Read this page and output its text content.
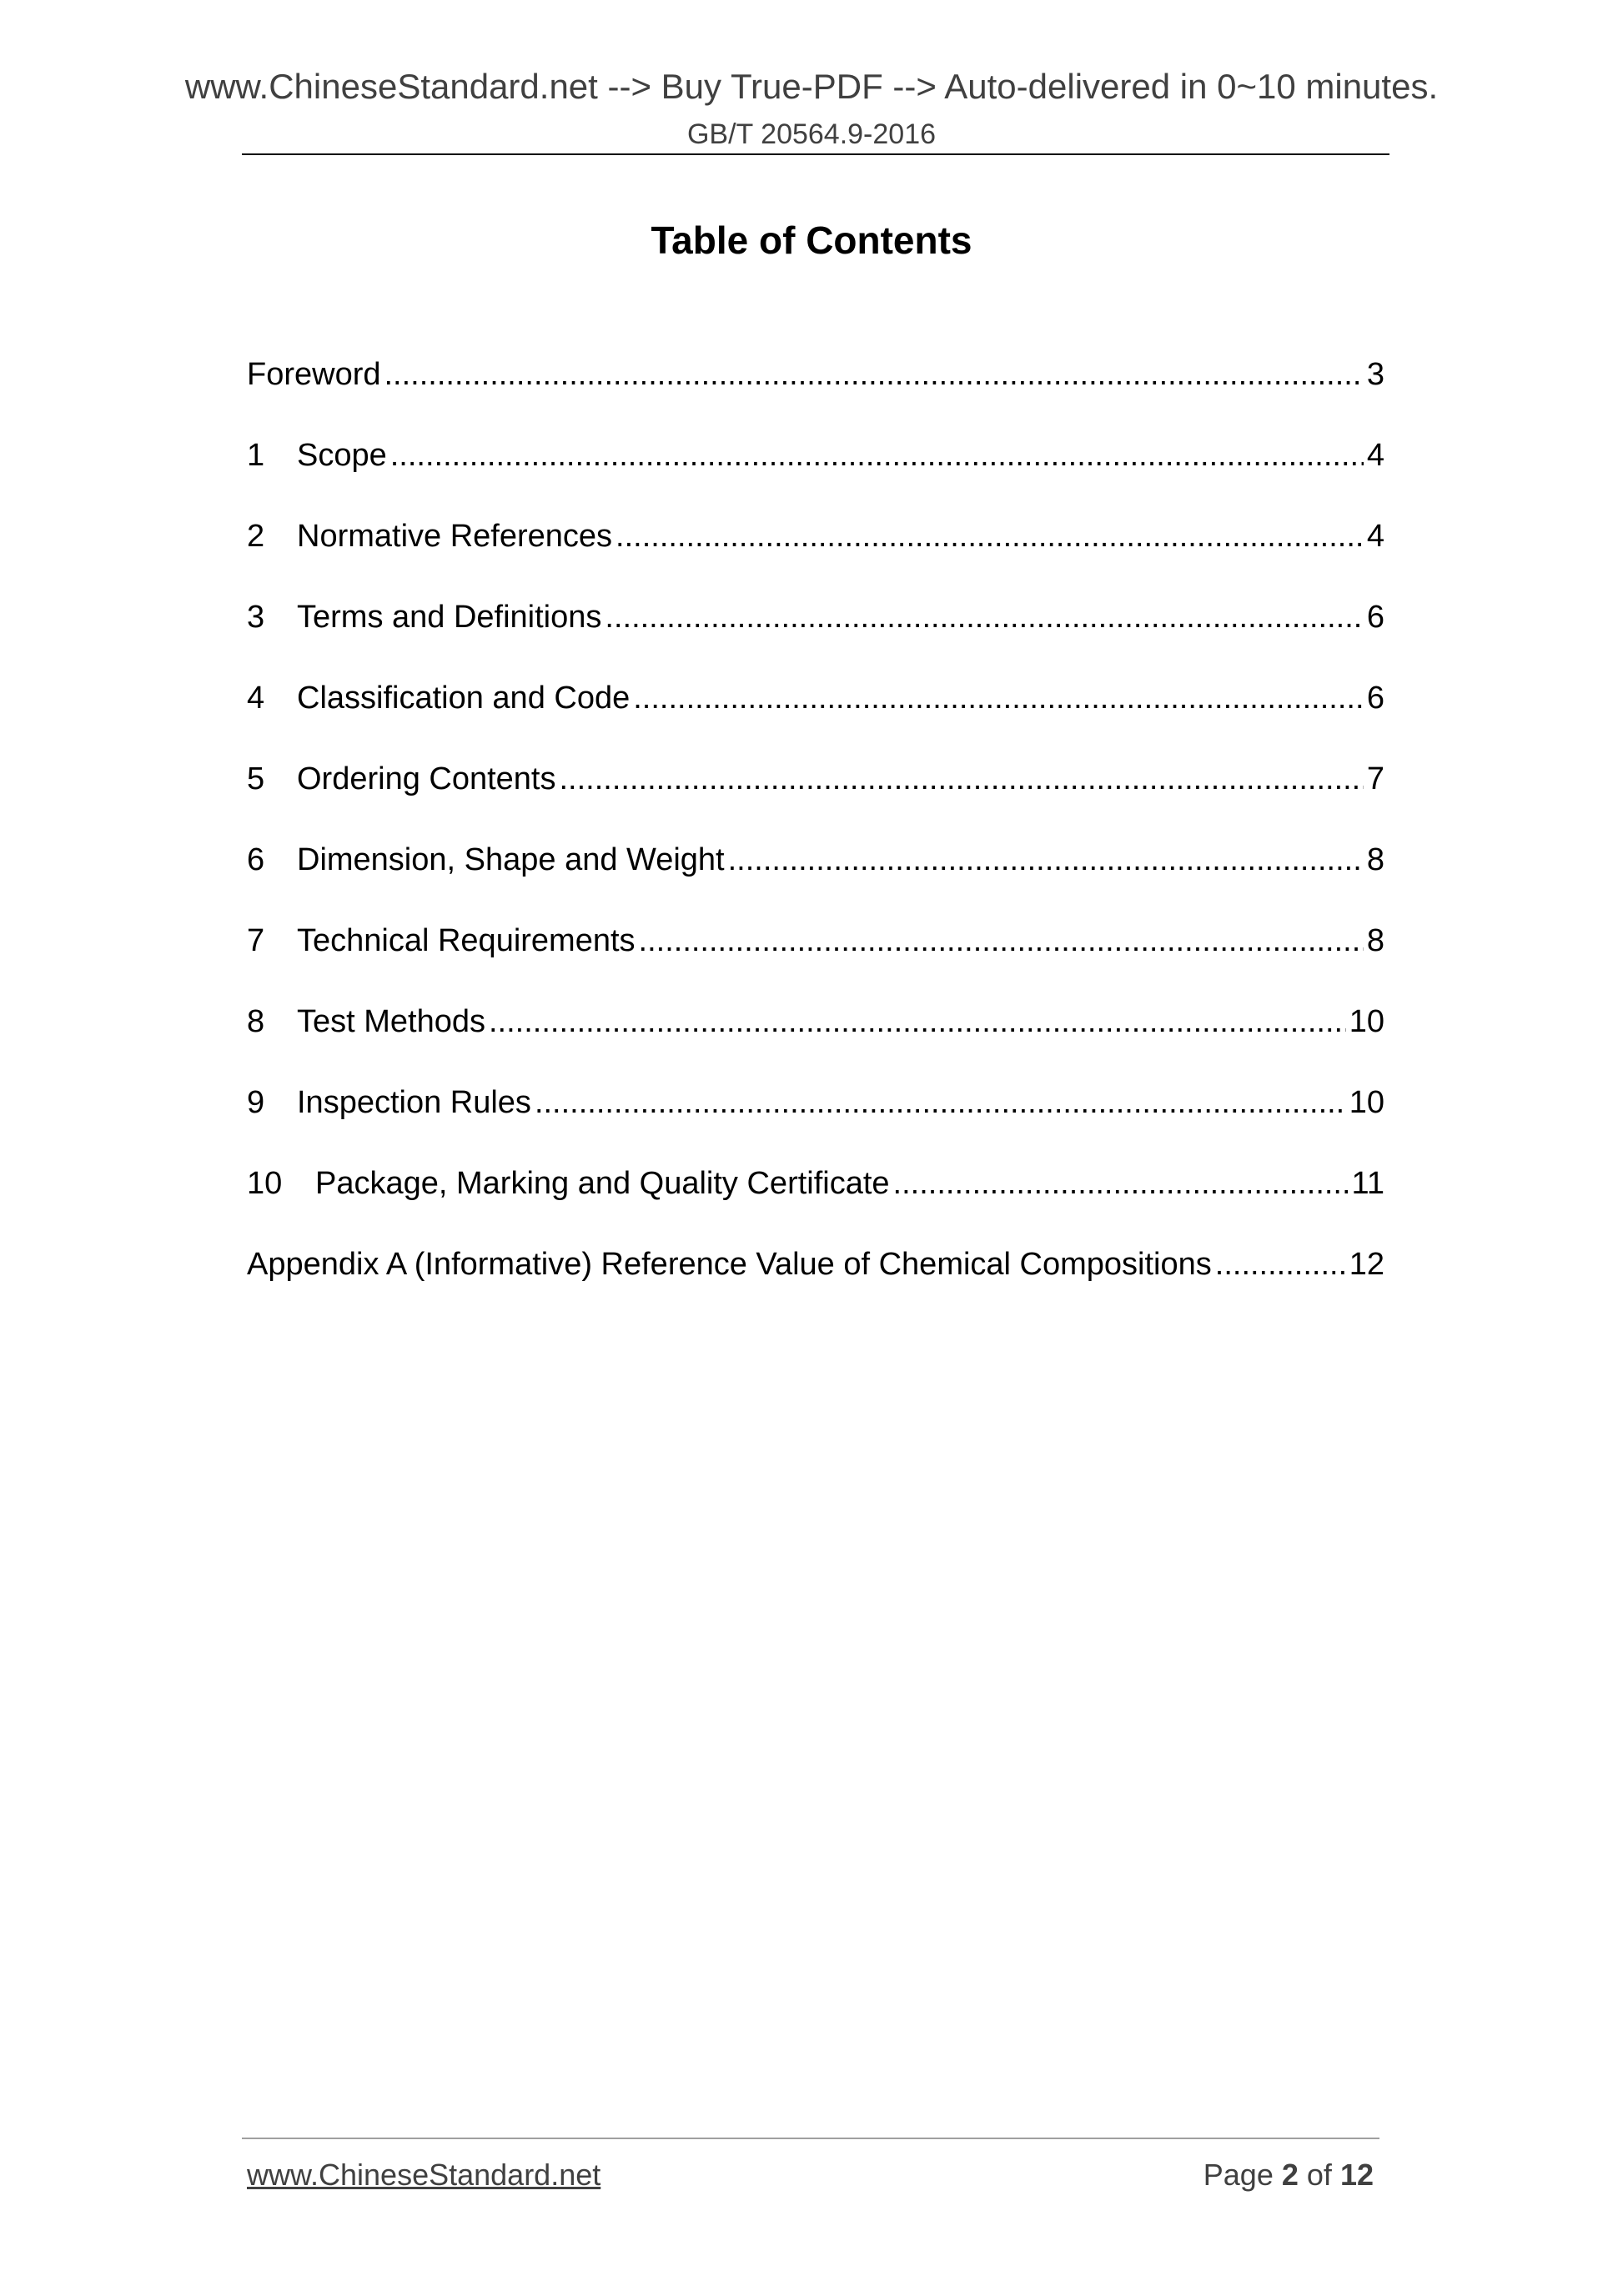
www.ChineseStandard.net --> Buy True-PDF --> Auto-delivered in 0~10 minutes.
GB/T 20564.9-2016
Table of Contents
Foreword .....	3
1	Scope .....	4
2	Normative References .....	4
3	Terms and Definitions .....	6
4	Classification and Code .....	6
5	Ordering Contents .....	7
6	Dimension, Shape and Weight .....	8
7	Technical Requirements .....	8
8	Test Methods .....	10
9	Inspection Rules .....	10
10	Package, Marking and Quality Certificate .....	11
Appendix A (Informative) Reference Value of Chemical Compositions .....	12
www.ChineseStandard.net	Page 2 of 12
